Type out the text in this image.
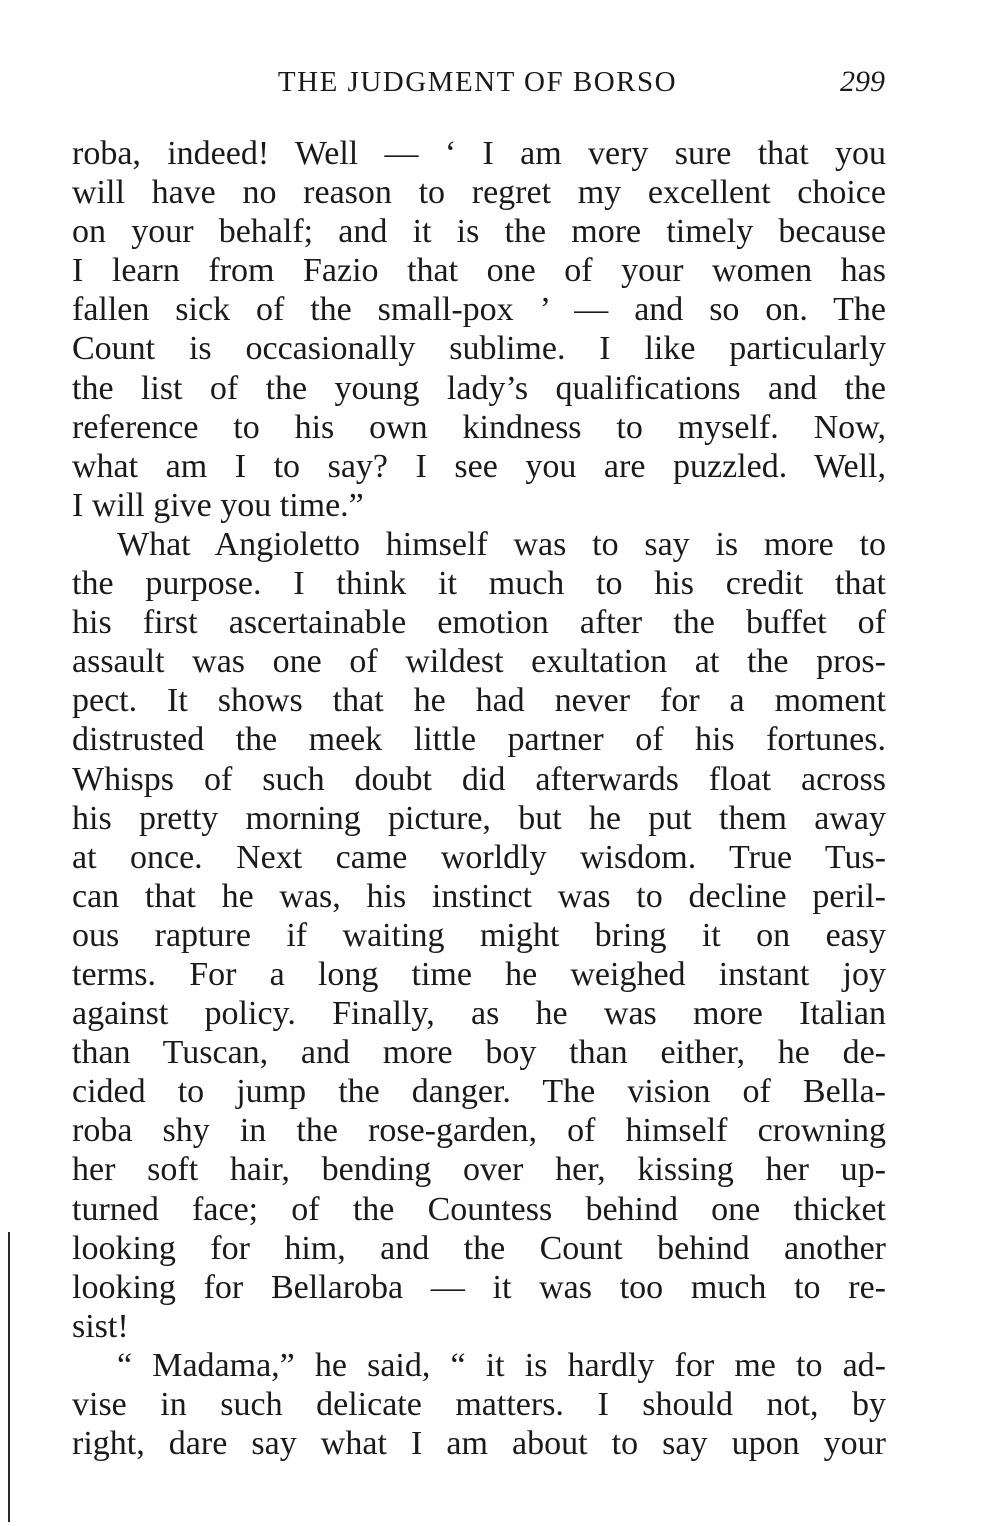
THE JUDGMENT OF BORSO	299
roba, indeed! Well — ‘ I am very sure that you
will have no reason to regret my excellent choice
on your behalf; and it is the more timely because
I learn from Fazio that one of your women has
fallen sick of the small-pox ’ — and so on. The
Count is occasionally sublime. I like particularly
the list of the young lady’s qualifications and the
reference to his own kindness to myself. Now,
what am I to say? I see you are puzzled. Well,
I will give you time.”
What Angioletto himself was to say is more to
the purpose. I think it much to his credit that
his first ascertainable emotion after the buffet of
assault was one of wildest exultation at the pros-
pect. It shows that he had never for a moment
distrusted the meek little partner of his fortunes.
Whisps of such doubt did afterwards float across
his pretty morning picture, but he put them away
at once. Next came worldly wisdom. True Tus-
can that he was, his instinct was to decline peril-
ous rapture if waiting might bring it on easy
terms. For a long time he weighed instant joy
against policy. Finally, as he was more Italian
than Tuscan, and more boy than either, he de-
cided to jump the danger. The vision of Bella-
roba shy in the rose-garden, of himself crowning
her soft hair, bending over her, kissing her up-
turned face; of the Countess behind one thicket
looking for him, and the Count behind another
looking for Bellaroba — it was too much to re-
sist!
“ Madama,” he said, “ it is hardly for me to ad-
vise in such delicate matters. I should not, by
right, dare say what I am about to say upon your
